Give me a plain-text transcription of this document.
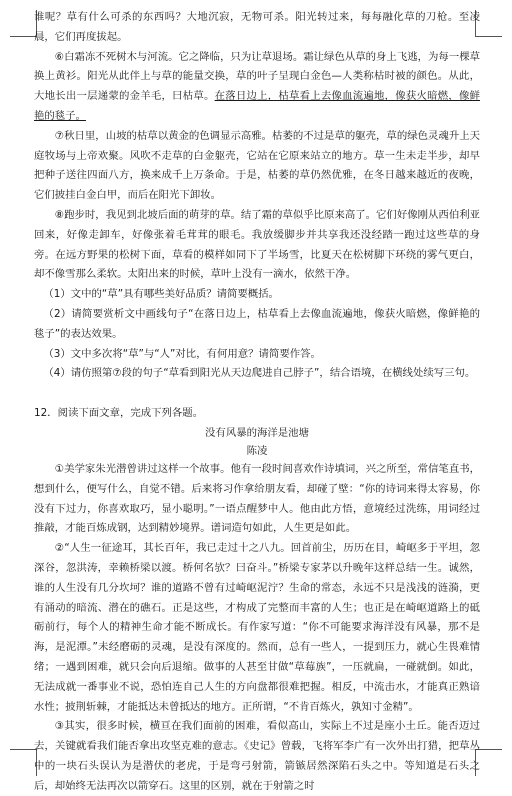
谁呢？草有什么可杀的东西吗？大地沉寂，无物可杀。阳光转过来，每每融化草的刀枪。至凌晨，它们再度拔起。

⑥白霜冻不死树木与河流。它之降临，只为让草退场。霜让绿色从草的身上飞逃，为每一棵草换上黄衫。阳光从此伴上与草的能量交换，草的叶子呈现白金色—人类称枯时被的颜色。从此，大地长出一层递蒙的金羊毛，曰枯草。在落日边上，枯草看上去像血流遍地，像获火暗燃，像鲜艳的毯子。

⑦秋日里，山坡的枯草以黄金的色调显示高雅。枯萎的不过是草的躯壳，草的绿色灵魂升上天庭牧场与上帝欢聚。风吹不走草的白金躯壳，它站在它原来站立的地方。草一生未走半步，却早把种子送往四面八方，换来成千上万条命。于是，枯萎的草仍然优雅，在冬日越来越近的夜晚，它们披挂白金白甲，而后在阳光下卸妆。

⑧跑步时，我见到北坡后面的萌芽的草。结了霜的草似乎比原来高了。它们好像刚从西伯利亚回来，好像走卸车，好像张着毛茸茸的眼毛。我放缓脚步并共享我还没经踏一跑过这些草的身旁。在远方野果的松树下面，草看的模样如同下了半场雪，比夏天在松树脚下环绕的雾气更白，却不像雪那么柔软。太阳出来的时候，草叶上没有一滴水，依然干净。

（1）文中的“草”具有哪些美好品质？请简要概括。

（2）请简要赏析文中画线句子“在落日边上，枯草看上去像血流遍地，像获火暗燃，像鲜艳的毯子”的表达效果。

（3）文中多次将“草”与“人”对比，有何用意？请简要作答。

（4）请仿照第⑦段的句子“草看到阳光从天边爬进自己脖子”，结合语境，在横线处续写三句。

12．阅读下面文章，完成下列各题。

没有风暴的海洋是池塘

陈凌

①美学家朱光潜曾讲过这样一个故事。他有一段时间喜欢作诗填词，兴之所至，常信笔直书，想到什么，便写什么，自觉不错。后来将习作拿给朋友看，却碰了壁：“你的诗词来得太容易，你没有下过力，你喜欢取巧，显小聪明。”一语点醒梦中人。他由此方悟，意境经过洗练，用词经过推敲，才能百炼成钢，达到精妙境界。谱词造句如此，人生更是如此。

②“人生一征途耳，其长百年，我已走过十之八九。回首前尘，历历在目，崎岖多于平坦，忽深谷，忽洪涛，幸赖桥梁以渡。桥何名欤？曰奋斗。”桥梁专家茅以升晚年这样总结一生。诚然，谁的人生没有几分坎坷？谁的道路不曾有过崎岖泥泞？生命的常态，永远不只是浅浅的涟漪，更有涌动的暗流、潜在的礁石。正是这些，才构成了完整而丰富的人生；也正是在崎岖道路上的砥砺前行，每个人的精神生命才能不断成长。有作家写道：“你不可能要求海洋没有风暴，那不是海，是泥潭。”未经磨砺的灵魂，是没有深度的。然而，总有一些人，一提到压力，就心生畏难情绪；一遇到困难，就只会向后退缩。做事的人甚至甘做“草莓族”，一压就扁，一碰就倒。如此，无法成就一番事业不说，恐怕连自己人生的方向盘都很难把握。相反，中流击水，才能真正熟谙水性；披荆斩棘，才能抵达未曾抵达的地方。正所谓，“不肯百炼火，孰知寸金精”。

③其实，很多时候，横亘在我们面前的困难，看似高山，实际上不过是座小土丘。能否迈过去，关键就看我们能否拿出攻坚克难的意志。《史记》曾载，飞将军李广有一次外出打猎，把草丛中的一块石头误认为是潜伏的老虎，于是弯弓射箭，箭镞居然深陷石头之中。等知道是石头之后，却始终无法再次以箭穿石。这里的区别，就在于射箭之时
